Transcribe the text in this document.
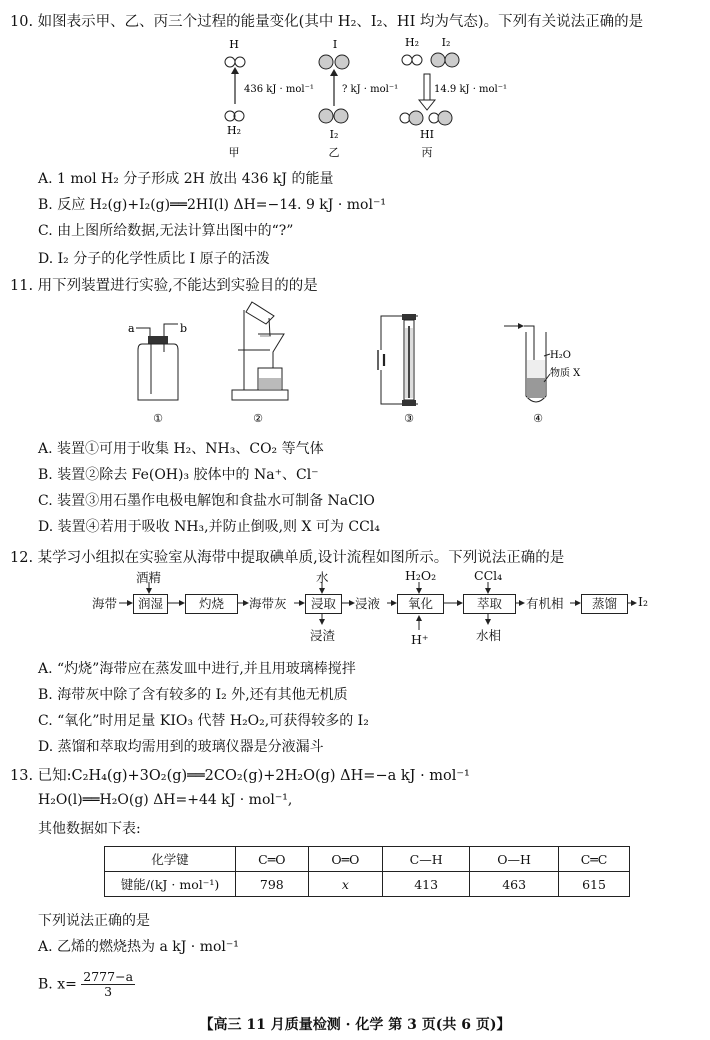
10. 如图表示甲、乙、丙三个过程的能量变化(其中 H₂、I₂、HI 均为气态)。下列有关说法正确的是
H
H₂
436 kJ · mol⁻¹
甲
I
I₂
? kJ · mol⁻¹
乙
H₂ I₂
HI
14.9 kJ · mol⁻¹
丙
A. 1 mol H₂ 分子形成 2H 放出 436 kJ 的能量
B. 反应 H₂(g)+I₂(g)══2HI(l) ΔH=−14. 9 kJ · mol⁻¹
C. 由上图所给数据,无法计算出图中的“?”
D. I₂ 分子的化学性质比 I 原子的活泼
11. 用下列装置进行实验,不能达到实验目的的是
a	b
①	②	③
H₂O
物质 X
④
A. 装置①可用于收集 H₂、NH₃、CO₂ 等气体
B. 装置②除去 Fe(OH)₃ 胶体中的 Na⁺、Cl⁻
C. 装置③用石墨作电极电解饱和食盐水可制备 NaClO
D. 装置④若用于吸收 NH₃,并防止倒吸,则 X 可为 CCl₄
12. 某学习小组拟在实验室从海带中提取碘单质,设计流程如图所示。下列说法正确的是
海带	润湿	灼烧	海带灰	浸取	浸液	氧化	萃取	有机相	蒸馏	I₂
酒精	水	H₂O₂	CCl₄
浸渣	H⁺	水相
A. “灼烧”海带应在蒸发皿中进行,并且用玻璃棒搅拌
B. 海带灰中除了含有较多的 I₂ 外,还有其他无机质
C. “氧化”时用足量 KIO₃ 代替 H₂O₂,可获得较多的 I₂
D. 蒸馏和萃取均需用到的玻璃仪器是分液漏斗
13. 已知:C₂H₄(g)+3O₂(g)══2CO₂(g)+2H₂O(g) ΔH=−a kJ · mol⁻¹
H₂O(l)══H₂O(g) ΔH=+44 kJ · mol⁻¹,
其他数据如下表:
化学键	C═O	O═O	C—H	O—H	C═C
键能/(kJ · mol⁻¹)	798	x	413	463	615
下列说法正确的是
A. 乙烯的燃烧热为 a kJ · mol⁻¹
B. $x= \frac{2777-a}{3}$
【高三 11 月质量检测 · 化学 第 3 页(共 6 页)】
